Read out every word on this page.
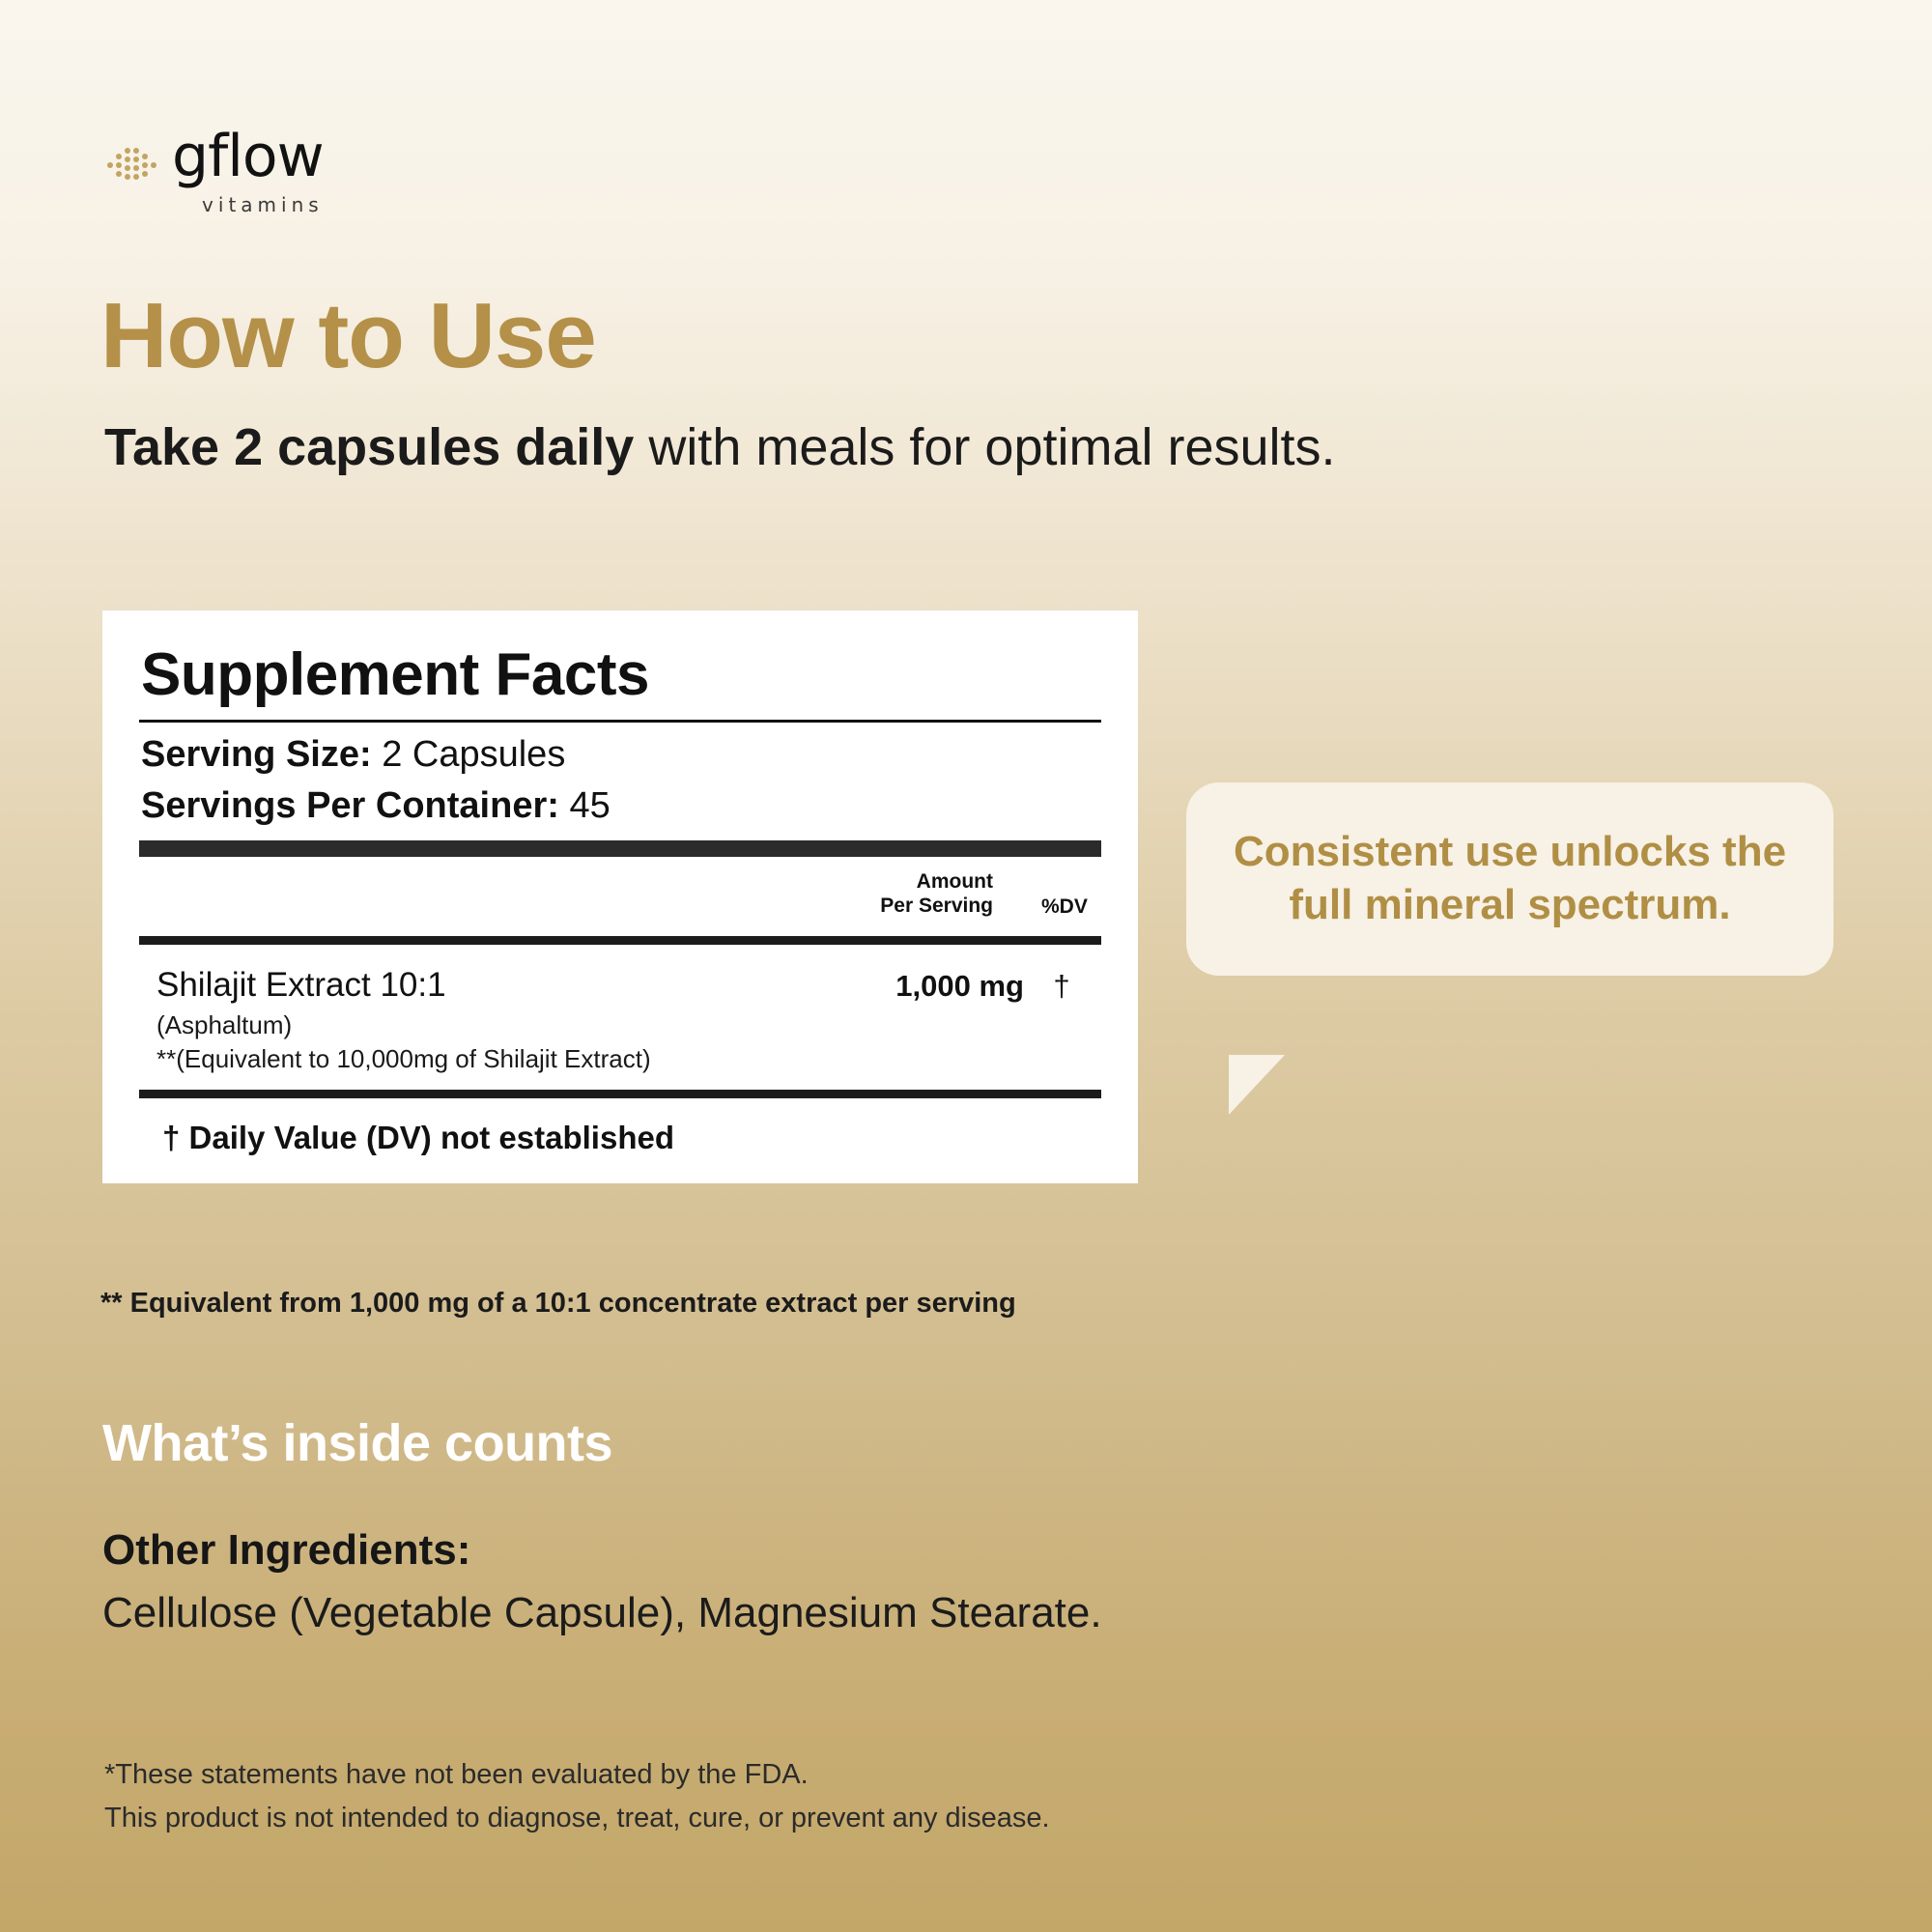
gflow
vitamins
How to Use
Take 2 capsules daily with meals for optimal results.
Supplement Facts
Serving Size: 2 Capsules
Servings Per Container: 45
Amount
Per Serving %DV
Shilajit Extract 10:1	1,000 mg †
(Asphaltum)
**(Equivalent to 10,000mg of Shilajit Extract)
† Daily Value (DV) not established
** Equivalent from 1,000 mg of a 10:1 concentrate extract per serving
Consistent use unlocks the full mineral spectrum.
What’s inside counts
Other Ingredients:
Cellulose (Vegetable Capsule), Magnesium Stearate.
*These statements have not been evaluated by the FDA.
This product is not intended to diagnose, treat, cure, or prevent any disease.
